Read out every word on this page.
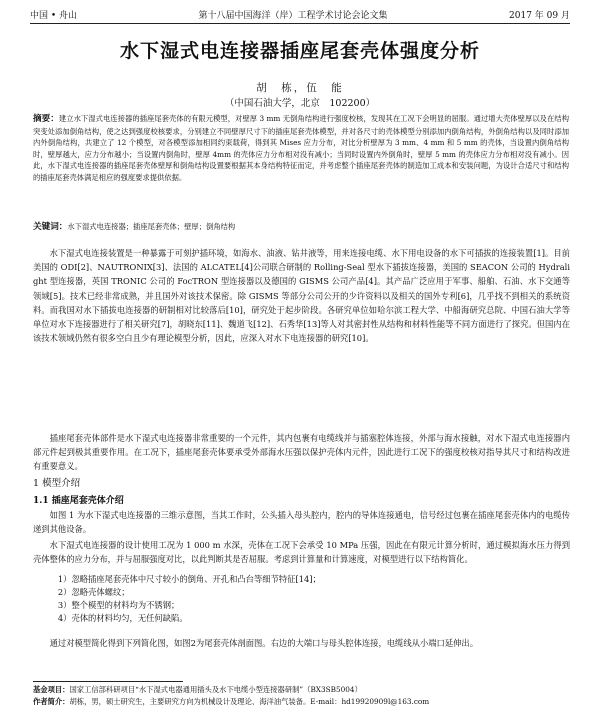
中国 • 舟山	第十八届中国海洋（岸）工程学术讨论会论文集	2017 年 09 月
水下湿式电连接器插座尾套壳体强度分析
胡　栋，伍　能
（中国石油大学，北京　102200）
摘要：建立水下湿式电连接器的插座尾套壳体的有限元模型，对壁厚 3 mm 无倒角结构进行强度校核，发现其在工况下会明显的屈服。通过增大壳体壁厚以及在结构突变处添加倒角结构，使之达到强度校核要求，分别建立不同壁厚尺寸下的插座尾套壳体模型，并对各尺寸的壳体模型分别添加内倒角结构，外倒角结构以及同时添加内外倒角结构，共建立了 12 个模型，对各模型添加相同约束载荷，得到其 Mises 应力分布，对比分析壁厚为 3 mm、4 mm 和 5 mm 的壳体，当设置内倒角结构时，壁厚越大，应力分布越小；当设置内倒角时，壁厚 4mm 的壳体应力分布相对没有减小；当同时设置内外倒角时，壁厚 5 mm 的壳体应力分布相对没有减小。因此，水下湿式电连接器的插座尾套壳体壁厚和倒角结构设置要根据其本身结构特征而定，并考虑整个插座尾套壳体的制造加工成本和安装问题，为设计合适尺寸和结构的插座尾套壳体满足相应的强度要求提供依据。
关键词：水下湿式电连接器；插座尾套壳体；壁厚；倒角结构

水下湿式电连接装置是一种暴露于可刻护插环境，如海水、油液、钻井液等，用来连接电缆、水下用电设备的水下可插拔的连接装置[1]。目前美国的 ODI[2]、NAUTRONIX[3]、法国的 ALCATEL[4]公司联合研制的 Rolling-Seal 型水下插拔连接器，美国的 SEACON 公司的 Hydralight 型连接器，英国 TRONIC 公司的 FocTRON 型连接器以及德国的 GISMS 公司产品[4]。其产品广泛应用于军事、船舶、石油、水下交通等领域[5]。技术已经非常成熟，并且国外对该技术保密。除 GISMS 等部分公司公开的少许资料以及相关的国外专利[6]，几乎找不到相关的系统资料。而我国对水下插拔电连接器的研制相对比较落后[10]，研究处于起步阶段。各研究单位如哈尔滨工程大学、中船海研究总院、中国石油大学等单位对水下连接器进行了相关研究[7]，胡晓东[11]、魏道飞[12]、石秀华[13]等人对其密封性从结构和材料性能等不同方面进行了探究。但国内在该技术领域仍然有很多空白且少有理论模型分析，因此，应深入对水下电连接器的研究[10]。

插座尾套壳体部件是水下湿式电连接器非常重要的一个元件，其内包裹有电缆线并与插塞腔体连接，外部与海水接触，对水下湿式电连接器内部元件起到极其重要作用。在工况下，插座尾套壳体要承受外部海水压强以保护壳体内元件，因此进行工况下的强度校核对指导其尺寸和结构改进有重要意义。

1 模型介绍
1.1 插座尾套壳体介绍

如图 1 为水下湿式电连接器的三维示意图，当其工作时，公头插入母头腔内，腔内的导体连接通电，信号经过包裹在插座尾套壳体内的电缆传递到其他设备。

水下湿式电连接器的设计使用工况为 1 000 m 水深，壳体在工况下会承受 10 MPa 压强，因此在有限元计算分析时，通过模拟海水压力得到壳体整体的应力分布，并与屈服强度对比，以此判断其是否屈服。考虑到计算量和计算速度，对模型进行以下结构简化。

1）忽略插座尾套壳体中尺寸较小的倒角、开孔和凸台等细节特征[14]；
2）忽略壳体螺纹；
3）整个模型的材料均为不锈钢；
4）壳体的材料均匀，无任何缺陷。

通过对模型简化得到下列简化图，如图2为尾套壳体剖面图。右边的大端口与母头腔体连接，电缆线从小端口延伸出。

基金项目：国家工信部科研项目“水下湿式电器通用插头及水下电缆小型连接器研制”（BX3SB5004）
作者简介：胡栋，男，硕士研究生，主要研究方向为机械设计及理论、海洋油气装备。E-mail：hd19920909l@163.com
